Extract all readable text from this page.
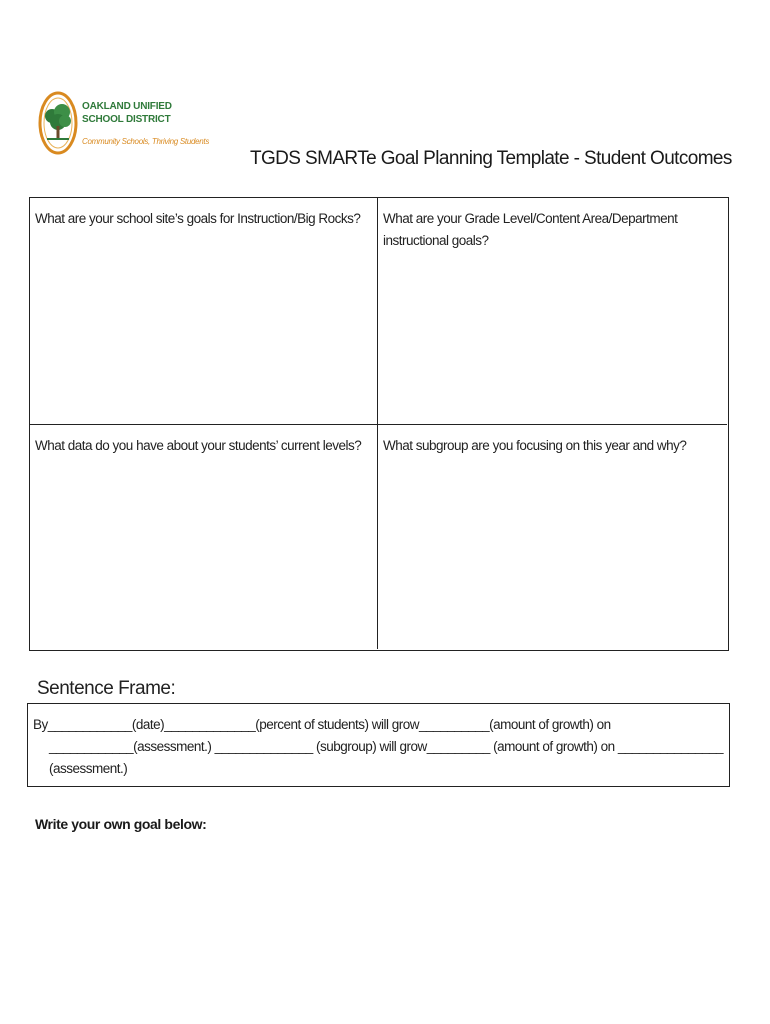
OAKLAND UNIFIED
SCHOOL DISTRICT
Community Schools, Thriving Students
TGDS SMARTe Goal Planning Template - Student Outcomes
What are your school site’s goals for Instruction/Big Rocks?	What are your Grade Level/Content Area/Department instructional goals?
What data do you have about your students’ current levels?	What subgroup are you focusing on this year and why?
Sentence Frame:
By____________(date)_____________(percent of students) will grow__________(amount of growth) on
____________(assessment.) ______________ (subgroup) will grow_________ (amount of growth) on _______________
(assessment.)
Write your own goal below:
